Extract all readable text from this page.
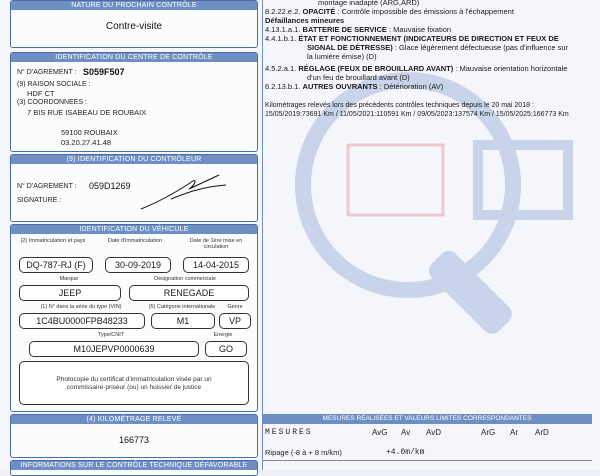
NATURE DU PROCHAIN CONTRÔLE
Contre-visite
IDENTIFICATION DU CENTRE DE CONTRÔLE
N° D'AGREMENT : S059F507
(9) RAISON SOCIALE :
HDF CT
(3) COORDONNEES :
7 BIS RUE ISABEAU DE ROUBAIX
59100 ROUBAIX
03.20.27.41.48
(9) IDENTIFICATION DU CONTRÔLEUR
N° D'AGREMENT : 059D1269
SIGNATURE :
IDENTIFICATION DU VÉHICULE
(2) Immatriculation et pays	Date d'immatriculation	Date de 1ère mise en circulation
DQ-787-RJ (F)	30-09-2019	14-04-2015
Marque	Désignation commerciale
JEEP	RENEGADE
(1) N° dans la série du type (VIN)	(5) Catégorie internationale	Genre
1C4BU0000FPB48233	M1	VP
Type/CNIT	Energie
M10JEPVP0000639	GO
Photocopie du certificat d'immatriculation visée par un
commissaire-priseur (ou) un huissier de justice
(4) KILOMÉTRAGE RELEVÉ
166773
INFORMATIONS SUR LE CONTRÔLE TECHNIQUE DÉFAVORABLE
montage inadapté (ARG,ARD)
8.2.22.e.2. OPACITÉ : Contrôle impossible des émissions à l'échappement
Défaillances mineures
4.13.1.a.1. BATTERIE DE SERVICE : Mauvaise fixation
4.4.1.b.1. ÉTAT ET FONCTIONNEMENT (INDICATEURS DE DIRECTION ET FEUX DE
SIGNAL DE DÉTRESSE) : Glace légèrement défectueuse (pas d'influence sur
la lumière émise) (D)
4.5.2.a.1. RÉGLAGE (FEUX DE BROUILLARD AVANT) : Mauvaise orientation horizontale
d'un feu de brouillard avant (D)
6.2.13.b.1. AUTRES OUVRANTS : Détérioration (AV)
Kilométrages relevés lors des précédents contrôles techniques depuis le 20 mai 2018 :
15/05/2019:73691 Km / 11/05/2021:110591 Km / 09/05/2023:137574 Km / 15/05/2025:166773 Km
MESURES RÉALISÉES ET VALEURS LIMITES CORRESPONDANTES
MESURES	AvG Av AvD	ArG Ar ArD
Ripage (-8 à + 8 m/km)	+4.0m/km
